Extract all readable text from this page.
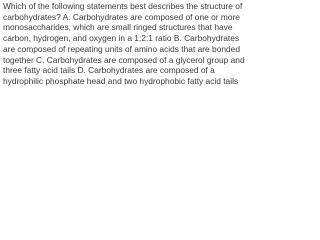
Which of the following statements best describes the structure of
carbohydrates? A. Carbohydrates are composed of one or more
monosaccharides, which are small ringed structures that have
carbon, hydrogen, and oxygen in a 1:2:1 ratio B. Carbohydrates
are composed of repeating units of amino acids that are bonded
together C. Carbohydrates are composed of a glycerol group and
three fatty acid tails D. Carbohydrates are composed of a
hydrophilic phosphate head and two hydrophobic fatty acid tails
